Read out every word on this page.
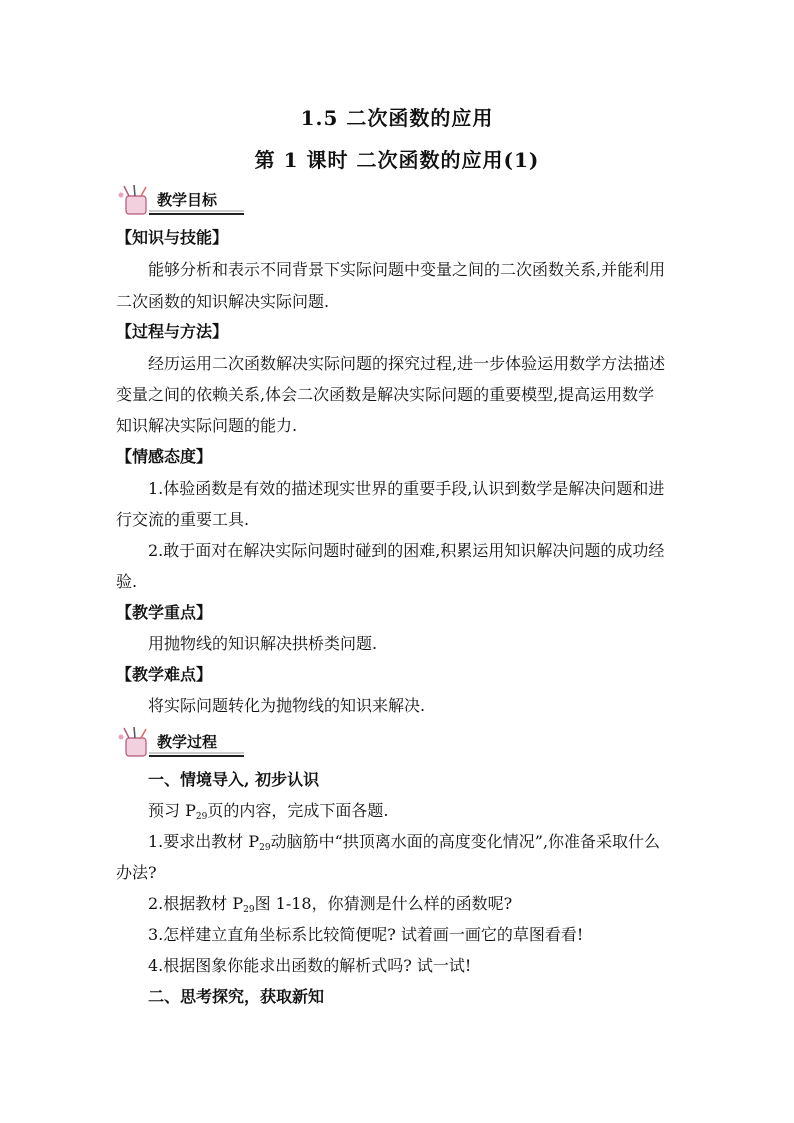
1.5 二次函数的应用
第 1 课时 二次函数的应用(1)
教学目标
【知识与技能】
能够分析和表示不同背景下实际问题中变量之间的二次函数关系,并能利用
二次函数的知识解决实际问题.
【过程与方法】
经历运用二次函数解决实际问题的探究过程,进一步体验运用数学方法描述
变量之间的依赖关系,体会二次函数是解决实际问题的重要模型,提高运用数学
知识解决实际问题的能力.
【情感态度】
1.体验函数是有效的描述现实世界的重要手段,认识到数学是解决问题和进
行交流的重要工具.
2.敢于面对在解决实际问题时碰到的困难,积累运用知识解决问题的成功经
验.
【教学重点】
用抛物线的知识解决拱桥类问题.
【教学难点】
将实际问题转化为抛物线的知识来解决.
教学过程
一、情境导入, 初步认识
预习 $P_{29}$页的内容，完成下面各题.
1.要求出教材 $P_{29}$动脑筋中“拱顶离水面的高度变化情况”,你准备采取什么
办法?
2.根据教材 $P_{29}$图 1-18，你猜测是什么样的函数呢?
3.怎样建立直角坐标系比较简便呢? 试着画一画它的草图看看!
4.根据图象你能求出函数的解析式吗? 试一试!
二、思考探究，获取新知
